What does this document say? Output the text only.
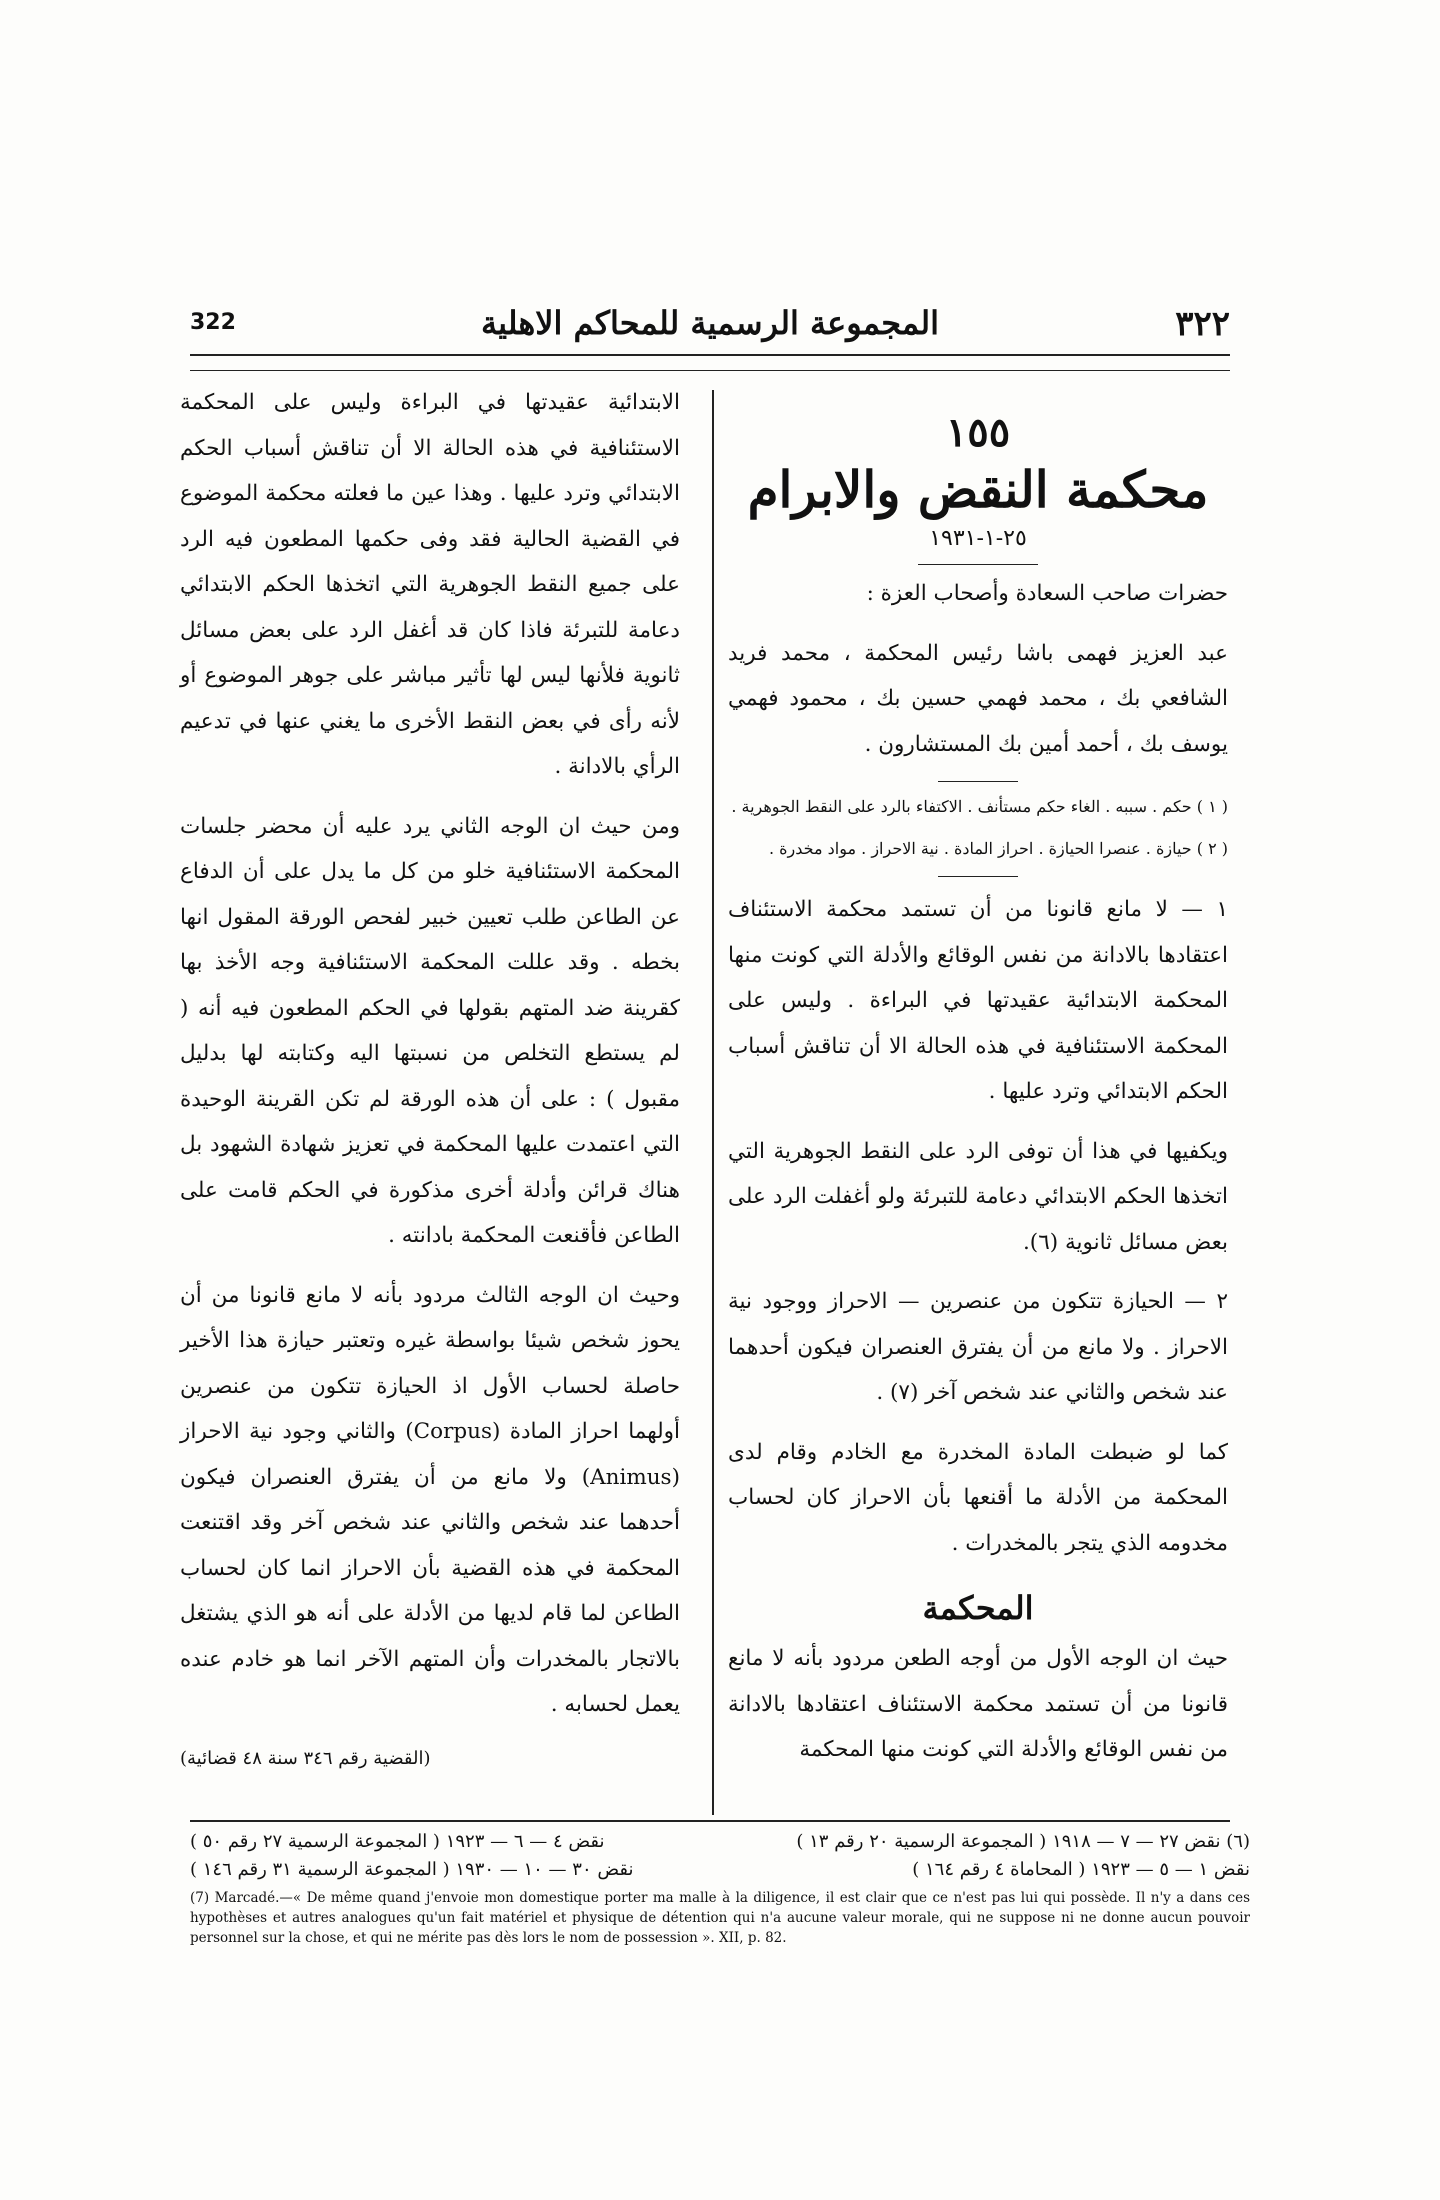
322	المجموعة الرسمية للمحاكم الاهلية	٣٢٢
١٥٥
محكمة النقض والابرام
٢٥-١-١٩٣١

حضرات صاحب السعادة وأصحاب العزة :

عبد العزيز فهمى باشا رئيس المحكمة ، محمد فريد الشافعي بك ، محمد فهمي حسين بك ، محمود فهمي يوسف بك ، أحمد أمين بك المستشارون .

( ١ ) حكم . سببه . الغاء حكم مستأنف . الاكتفاء بالرد على النقط الجوهرية .

( ٢ ) حيازة . عنصرا الحيازة . احراز المادة . نية الاحراز . مواد مخدرة .

١ — لا مانع قانونا من أن تستمد محكمة الاستئناف اعتقادها بالادانة من نفس الوقائع والأدلة التي كونت منها المحكمة الابتدائية عقيدتها في البراءة . وليس على المحكمة الاستئنافية في هذه الحالة الا أن تناقش أسباب الحكم الابتدائي وترد عليها .

ويكفيها في هذا أن توفى الرد على النقط الجوهرية التي اتخذها الحكم الابتدائي دعامة للتبرئة ولو أغفلت الرد على بعض مسائل ثانوية (٦).

٢ — الحيازة تتكون من عنصرين — الاحراز ووجود نية الاحراز . ولا مانع من أن يفترق العنصران فيكون أحدهما عند شخص والثاني عند شخص آخر (٧) .

كما لو ضبطت المادة المخدرة مع الخادم وقام لدى المحكمة من الأدلة ما أقنعها بأن الاحراز كان لحساب مخدومه الذي يتجر بالمخدرات .

المحكمة

حيث ان الوجه الأول من أوجه الطعن مردود بأنه لا مانع قانونا من أن تستمد محكمة الاستئناف اعتقادها بالادانة من نفس الوقائع والأدلة التي كونت منها المحكمة

الابتدائية عقيدتها في البراءة وليس على المحكمة الاستئنافية في هذه الحالة الا أن تناقش أسباب الحكم الابتدائي وترد عليها . وهذا عين ما فعلته محكمة الموضوع في القضية الحالية فقد وفى حكمها المطعون فيه الرد على جميع النقط الجوهرية التي اتخذها الحكم الابتدائي دعامة للتبرئة فاذا كان قد أغفل الرد على بعض مسائل ثانوية فلأنها ليس لها تأثير مباشر على جوهر الموضوع أو لأنه رأى في بعض النقط الأخرى ما يغني عنها في تدعيم الرأي بالادانة .

ومن حيث ان الوجه الثاني يرد عليه أن محضر جلسات المحكمة الاستئنافية خلو من كل ما يدل على أن الدفاع عن الطاعن طلب تعيين خبير لفحص الورقة المقول انها بخطه . وقد عللت المحكمة الاستئنافية وجه الأخذ بها كقرينة ضد المتهم بقولها في الحكم المطعون فيه أنه ( لم يستطع التخلص من نسبتها اليه وكتابته لها بدليل مقبول ) : على أن هذه الورقة لم تكن القرينة الوحيدة التي اعتمدت عليها المحكمة في تعزيز شهادة الشهود بل هناك قرائن وأدلة أخرى مذكورة في الحكم قامت على الطاعن فأقنعت المحكمة بادانته .

وحيث ان الوجه الثالث مردود بأنه لا مانع قانونا من أن يحوز شخص شيئا بواسطة غيره وتعتبر حيازة هذا الأخير حاصلة لحساب الأول اذ الحيازة تتكون من عنصرين أولهما احراز المادة (Corpus) والثاني وجود نية الاحراز (Animus) ولا مانع من أن يفترق العنصران فيكون أحدهما عند شخص والثاني عند شخص آخر وقد اقتنعت المحكمة في هذه القضية بأن الاحراز انما كان لحساب الطاعن لما قام لديها من الأدلة على أنه هو الذي يشتغل بالاتجار بالمخدرات وأن المتهم الآخر انما هو خادم عنده يعمل لحسابه .

(القضية رقم ٣٤٦ سنة ٤٨ قضائية)
(٦) نقض ٢٧ — ٧ — ١٩١٨ ( المجموعة الرسمية ٢٠ رقم ١٣ )
نقض ٤ — ٦ — ١٩٢٣ ( المجموعة الرسمية ٢٧ رقم ٥٠ )
نقض ١ — ٥ — ١٩٢٣ ( المحاماة ٤ رقم ١٦٤ )
نقض ٣٠ — ١٠ — ١٩٣٠ ( المجموعة الرسمية ٣١ رقم ١٤٦ )
(7) Marcadé.—« De même quand j'envoie mon domestique porter ma malle à la diligence, il est clair que ce n'est pas lui qui possède. Il n'y a dans ces hypothèses et autres analogues qu'un fait matériel et physique de détention qui n'a aucune valeur morale, qui ne suppose ni ne donne aucun pouvoir personnel sur la chose, et qui ne mérite pas dès lors le nom de possession ». XII, p. 82.
